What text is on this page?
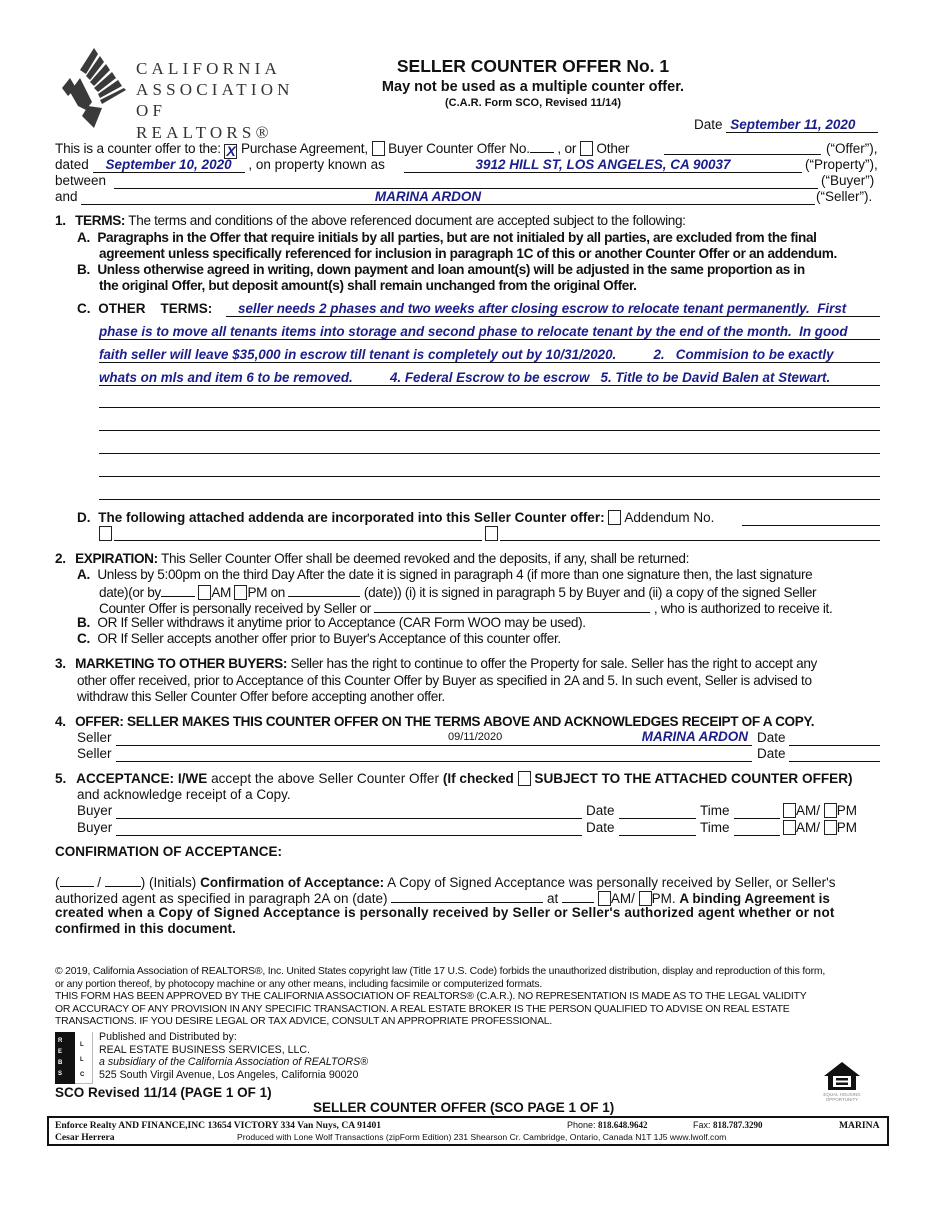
CALIFORNIA
ASSOCIATION
OF REALTORS®
SELLER COUNTER OFFER No. 1
May not be used as a multiple counter offer.
(C.A.R. Form SCO, Revised 11/14)
Date September 11, 2020
This is a counter offer to the: X Purchase Agreement, Buyer Counter Offer No. , or Other	(“Offer”),
dated September 10, 2020 , on property known as	3912 HILL ST, LOS ANGELES, CA 90037	(“Property”),
between	(“Buyer”)
and	MARINA ARDON	(“Seller”).
1. TERMS: The terms and conditions of the above referenced document are accepted subject to the following:
A. Paragraphs in the Offer that require initials by all parties, but are not initialed by all parties, are excluded from the final
agreement unless specifically referenced for inclusion in paragraph 1C of this or another Counter Offer or an addendum.
B. Unless otherwise agreed in writing, down payment and loan amount(s) will be adjusted in the same proportion as in
the original Offer, but deposit amount(s) shall remain unchanged from the original Offer.
C. OTHER    TERMS:	seller needs 2 phases and two weeks after closing escrow to relocate tenant permanently.  First
phase is to move all tenants items into storage and second phase to relocate tenant by the end of the month.  In good
faith seller will leave $35,000 in escrow till tenant is completely out by 10/31/2020.          2.   Commision to be exactly
whats on mls and item 6 to be removed.          4. Federal Escrow to be escrow   5. Title to be David Balen at Stewart.
D. The following attached addenda are incorporated into this Seller Counter offer: Addendum No.
2. EXPIRATION: This Seller Counter Offer shall be deemed revoked and the deposits, if any, shall be returned:
A. Unless by 5:00pm on the third Day After the date it is signed in paragraph 4 (if more than one signature then, the last signature
date)(or by	AM PM on	(date)) (i) it is signed in paragraph 5 by Buyer and (ii) a copy of the signed Seller
Counter Offer is personally received by Seller or	, who is authorized to receive it.
B. OR If Seller withdraws it anytime prior to Acceptance (CAR Form WOO may be used).
C. OR If Seller accepts another offer prior to Buyer's Acceptance of this counter offer.
3. MARKETING TO OTHER BUYERS: Seller has the right to continue to offer the Property for sale. Seller has the right to accept any
other offer received, prior to Acceptance of this Counter Offer by Buyer as specified in 2A and 5. In such event, Seller is advised to
withdraw this Seller Counter Offer before accepting another offer.
4. OFFER: SELLER MAKES THIS COUNTER OFFER ON THE TERMS ABOVE AND ACKNOWLEDGES RECEIPT OF A COPY.
Seller	09/11/2020	MARINA ARDON Date
Seller	Date
5. ACCEPTANCE: I/WE accept the above Seller Counter Offer (If checked SUBJECT TO THE ATTACHED COUNTER OFFER)
and acknowledge receipt of a Copy.
Buyer	Date	Time	AM/ PM
Buyer	Date	Time	AM/ PM
CONFIRMATION OF ACCEPTANCE:
(	/	) (Initials) Confirmation of Acceptance: A Copy of Signed Acceptance was personally received by Seller, or Seller's
authorized agent as specified in paragraph 2A on (date)	at	AM/ PM. A binding Agreement is
created when a Copy of Signed Acceptance is personally received by Seller or Seller's authorized agent whether or not
confirmed in this document.
© 2019, California Association of REALTORS®, Inc. United States copyright law (Title 17 U.S. Code) forbids the unauthorized distribution, display and reproduction of this form,
or any portion thereof, by photocopy machine or any other means, including facsimile or computerized formats.
THIS FORM HAS BEEN APPROVED BY THE CALIFORNIA ASSOCIATION OF REALTORS® (C.A.R.). NO REPRESENTATION IS MADE AS TO THE LEGAL VALIDITY
OR ACCURACY OF ANY PROVISION IN ANY SPECIFIC TRANSACTION. A REAL ESTATE BROKER IS THE PERSON QUALIFIED TO ADVISE ON REAL ESTATE
TRANSACTIONS. IF YOU DESIRE LEGAL OR TAX ADVICE, CONSULT AN APPROPRIATE PROFESSIONAL.
R
E
B
S
L
L
C
Published and Distributed by:
REAL ESTATE BUSINESS SERVICES, LLC.
a subsidiary of the California Association of REALTORS®
525 South Virgil Avenue, Los Angeles, California 90020
SCO Revised 11/14 (PAGE 1 OF 1)	EQUAL HOUSING
OPPORTUNITY
SELLER COUNTER OFFER (SCO PAGE 1 OF 1)
Enforce Realty AND FINANCE,INC 13654 VICTORY 334 Van Nuys, CA 91401	Phone: 818.648.9642	Fax: 818.787.3290	MARINA
Cesar Herrera	Produced with Lone Wolf Transactions (zipForm Edition) 231 Shearson Cr. Cambridge, Ontario, Canada N1T 1J5 www.lwolf.com
